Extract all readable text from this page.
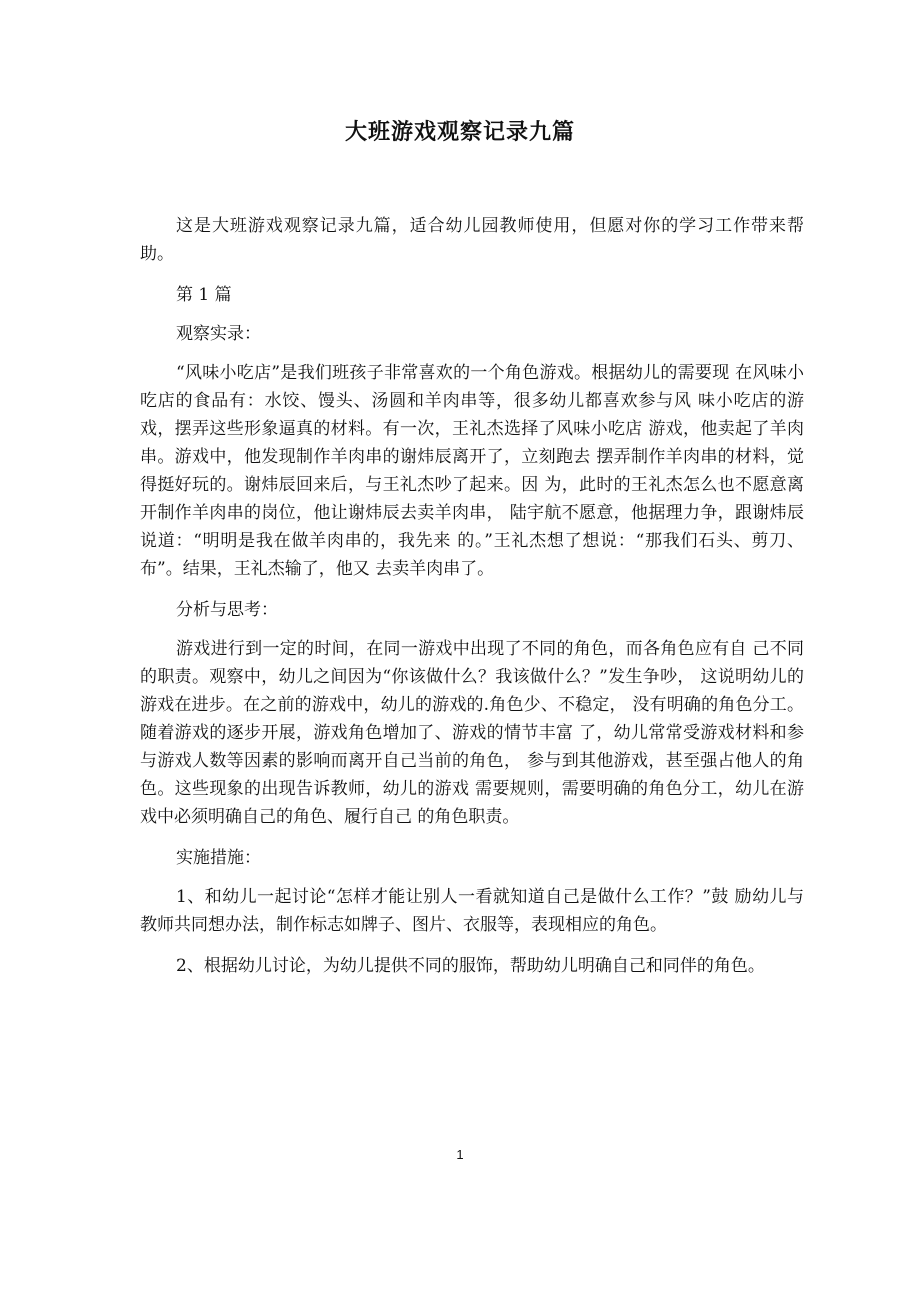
大班游戏观察记录九篇

这是大班游戏观察记录九篇，适合幼儿园教师使用，但愿对你的学习工作带来帮助。

第 1 篇

观察实录：

“风味小吃店”是我们班孩子非常喜欢的一个角色游戏。根据幼儿的需要现 在风味小吃店的食品有：水饺、馒头、汤圆和羊肉串等，很多幼儿都喜欢参与风 味小吃店的游戏，摆弄这些形象逼真的材料。有一次，王礼杰选择了风味小吃店 游戏，他卖起了羊肉串。游戏中，他发现制作羊肉串的谢炜辰离开了，立刻跑去 摆弄制作羊肉串的材料，觉得挺好玩的。谢炜辰回来后，与王礼杰吵了起来。因 为，此时的王礼杰怎么也不愿意离开制作羊肉串的岗位，他让谢炜辰去卖羊肉串， 陆宇航不愿意，他据理力争，跟谢炜辰说道：“明明是我在做羊肉串的，我先来 的。”王礼杰想了想说：“那我们石头、剪刀、布”。结果，王礼杰输了，他又 去卖羊肉串了。

分析与思考：

游戏进行到一定的时间，在同一游戏中出现了不同的角色，而各角色应有自 己不同的职责。观察中，幼儿之间因为“你该做什么？我该做什么？”发生争吵， 这说明幼儿的游戏在进步。在之前的游戏中，幼儿的游戏的.角色少、不稳定， 没有明确的角色分工。随着游戏的逐步开展，游戏角色增加了、游戏的情节丰富 了，幼儿常常受游戏材料和参与游戏人数等因素的影响而离开自己当前的角色， 参与到其他游戏，甚至强占他人的角色。这些现象的出现告诉教师，幼儿的游戏 需要规则，需要明确的角色分工，幼儿在游戏中必须明确自己的角色、履行自己 的角色职责。

实施措施：

1、和幼儿一起讨论“怎样才能让别人一看就知道自己是做什么工作？”鼓 励幼儿与教师共同想办法，制作标志如牌子、图片、衣服等，表现相应的角色。

2、根据幼儿讨论，为幼儿提供不同的服饰，帮助幼儿明确自己和同伴的角色。

1
